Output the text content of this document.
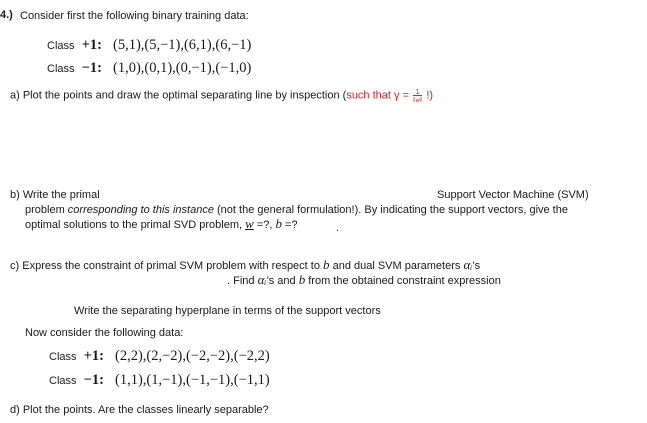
4.) Consider first the following binary training data:
Class +1: (5,1),(5,−1),(6,1),(6,−1)
Class −1: (1,0),(0,1),(0,−1),(−1,0)
a) Plot the points and draw the optimal separating line by inspection (such that $\gamma = \frac{1}{‖w‖}$ !)
b) Write the primal	Support Vector Machine (SVM)
problem corresponding to this instance (not the general formulation!). By indicating the support vectors, give the
optimal solutions to the primal SVD problem, w =?, b =?	.
c) Express the constraint of primal SVM problem with respect to b and dual SVM parameters αᵢ’s
. Find αᵢ’s and b from the obtained constraint expression
Write the separating hyperplane in terms of the support vectors
Now consider the following data:
Class +1: (2,2),(2,−2),(−2,−2),(−2,2)
Class −1: (1,1),(1,−1),(−1,−1),(−1,1)
d) Plot the points. Are the classes linearly separable?
